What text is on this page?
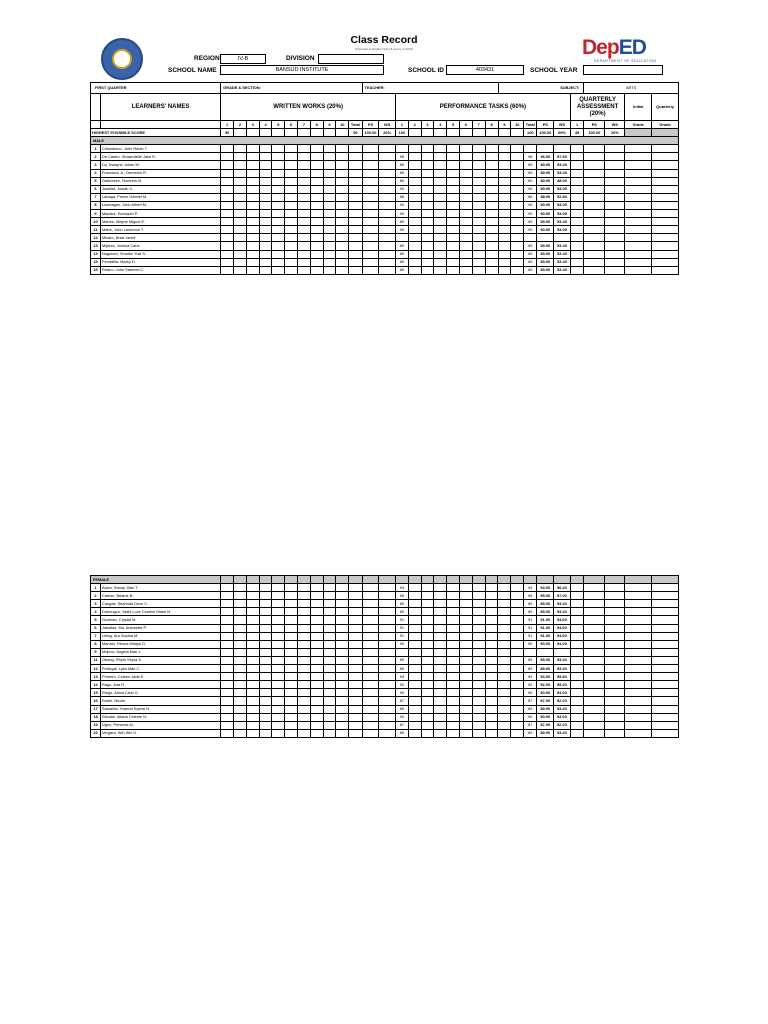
Class Record
(Pursuant to DepEd Order 8 series of 2015)	DepED
DEPARTMENT OF EDUCATION
REGION	IV-B	DIVISION
SCHOOL NAME	BANSUD INSTITUTE	SCHOOL ID	403431	SCHOOL YEAR
FIRST QUARTER		GRADE & SECTION:											TEACHER:										SUBJECT:						ARTS			
	LEARNERS' NAMES	WRITTEN WORKS (20%)													PERFORMANCE TASKS (60%)													QUARTERLY ASSESSMENT (20%)			Initial	Quarterly
		1	2	3	4	5	6	7	8	9	10	Total	PS	WS	1	2	3	4	5	6	7	8	9	10	Total	PS	WS	1	PS	WS	Grade	Grade
HIGHEST POSSIBLE SCORE		50										50	100.00	20%	100										100	100.00	60%	45	100.00	20%		
MALE																																
1	Crisostomo, John Raver T.																															
2	De Castro, Shawndelle Jake R.														96										96	96.00	57.60					
3	Dy, Dwayne Jorlan M.														89										89	89.00	53.40					
4	Francisco Jr., Demetrio R.														89										89	89.00	53.40					
5	Galendrez, Romnick B.														80										80	80.00	48.00					
6	Joselist, Josiah V.														90										90	90.00	54.00					
7	Labaga, Prince Gabriel M.														88										88	88.00	52.80					
8	Lisenagan, John Alfred M.														90										90	90.00	54.00					
9	Macalol, Ezcequel P.														90										90	90.00	54.00					
10	Manes, Wayne Miguel E.														89										89	89.00	53.40					
11	Matre, John Laurence T.														90										90	90.00	54.00					
12	Micaro, Brad Janeil																															
13	Mijares, Joshua Carlo														89										89	89.00	53.40					
14	Nagutom, Sumiko Yuki S.														89										89	89.00	53.40					
15	Penadilla, Marky D.														89										89	89.00	53.40					
16	Reano, John Sammel C.														89										89	89.00	53.40					
FEMALE																																
1	Aclan, Sandy Jilan T.														94										94	94.00	56.40					
2	Caleon, Beatriz B.														95										95	95.00	57.00					
3	Cangas, Shannah Dove C.														89										89	89.00	53.40					
4	Dubongco, Yashi Love Czarine Marie N.														89										89	89.00	53.40					
5	Guzman, Crystal M.														91										91	91.00	54.60					
6	Jaballas, Ma. Antonette P.														91										91	91.00	54.60					
7	Letag, Ara Sophia M.														91										91	91.00	54.60					
8	Manalo, Rhona Mhaye D.														90										90	90.00	54.00					
9	Mojeco, Angela Mae J.																															
11	Obang, Rhym Shyra S.														89										89	89.00	53.40					
12	Portugal, Lyka Mae C.														89										89	89.00	53.40					
13	Primero, Coleen Jade E.														93										93	93.00	55.80					
14	Rago, Aira R.														92										92	92.00	55.20					
15	Riego, Anica Cielo G.														90										90	90.00	54.00					
16	Rodel, Nicole														87										87	87.00	52.20					
17	Samarita, Yvanna Kyshsi N.														89										89	89.00	53.40					
18	Sibulan, Allana Celeste N.														90										90	90.00	54.00					
19	Ugno, Princess M.														87										87	87.00	52.20					
22	Vergara, Win Win D.														89										89	89.00	53.40					
